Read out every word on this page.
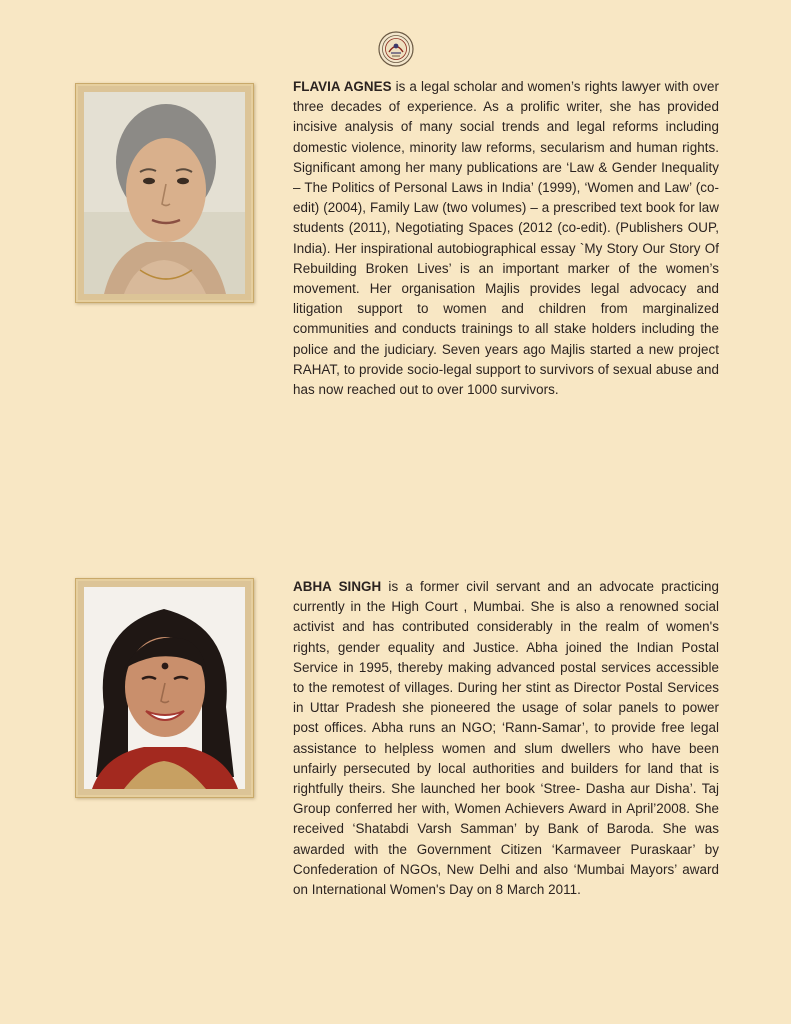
FLAVIA AGNES is a legal scholar and women’s rights lawyer with over three decades of experience. As a prolific writer, she has provided incisive analysis of many social trends and legal reforms including domestic violence, minority law reforms, secularism and human rights. Significant among her many publications are ‘Law & Gender Inequality – The Politics of Personal Laws in India’ (1999), ‘Women and Law’ (co-edit) (2004), Family Law (two volumes) – a prescribed text book for law students (2011), Negotiating Spaces (2012 (co-edit). (Publishers OUP, India). Her inspirational autobiographical essay `My Story Our Story Of Rebuilding Broken Lives’ is an important marker of the women’s movement. Her organisation Majlis provides legal advocacy and litigation support to women and children from marginalized communities and conducts trainings to all stake holders including the police and the judiciary. Seven years ago Majlis started a new project RAHAT, to provide socio-legal support to survivors of sexual abuse and has now reached out to over 1000 survivors.

ABHA SINGH is a former civil servant and an advocate practicing currently in the High Court , Mumbai. She is also a renowned social activist and has contributed considerably in the realm of women's rights, gender equality and Justice. Abha joined the Indian Postal Service in 1995, thereby making advanced postal services accessible to the remotest of villages. During her stint as Director Postal Services in Uttar Pradesh she pioneered the usage of solar panels to power post offices. Abha runs an NGO; ‘Rann-Samar’, to provide free legal assistance to helpless women and slum dwellers who have been unfairly persecuted by local authorities and builders for land that is rightfully theirs. She launched her book ‘Stree- Dasha aur Disha’. Taj Group conferred her with, Women Achievers Award in April’2008. She received ‘Shatabdi Varsh Samman’ by Bank of Baroda. She was awarded with the Government Citizen ‘Karmaveer Puraskaar’ by Confederation of NGOs, New Delhi and also ‘Mumbai Mayors’ award on International Women's Day on 8 March 2011.
